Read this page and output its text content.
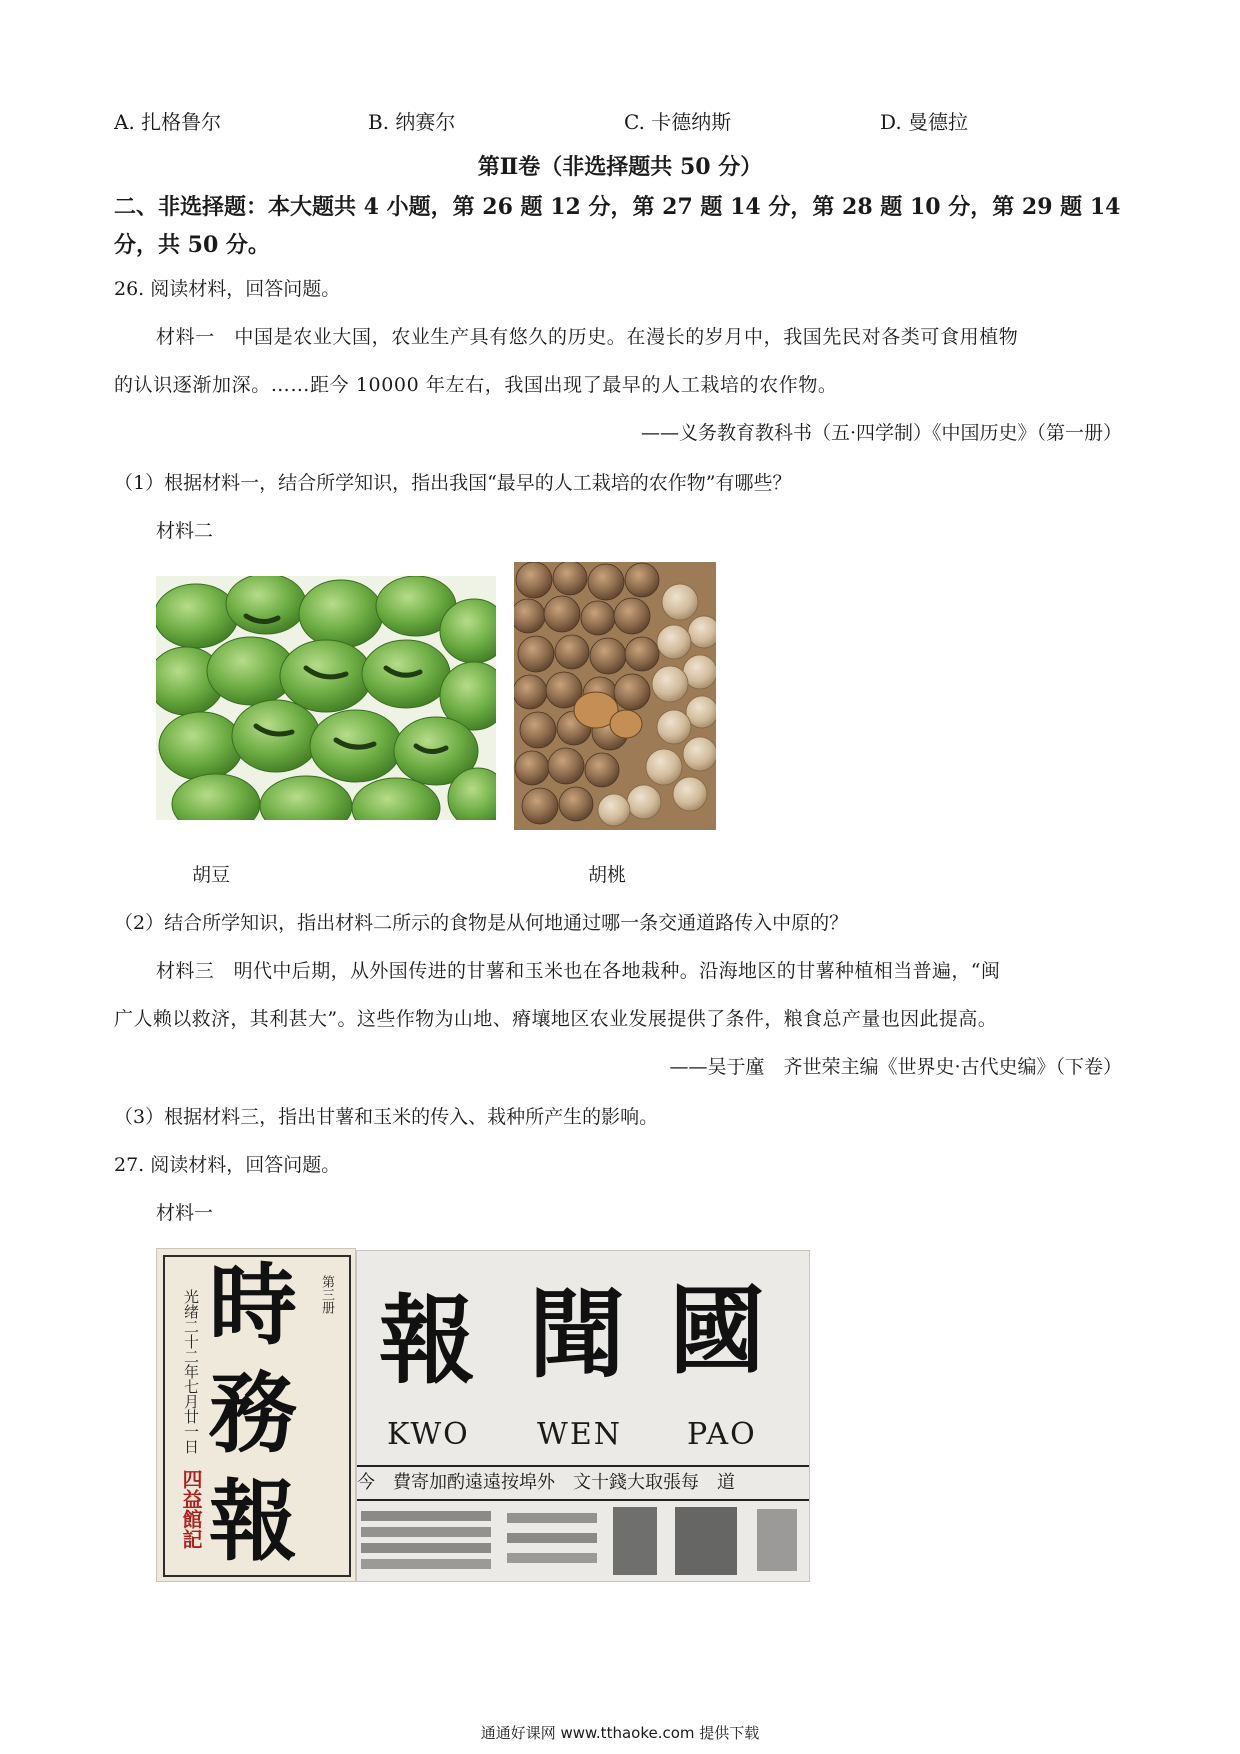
A. 扎格鲁尔	B. 纳赛尔	C. 卡德纳斯	D. 曼德拉
第Ⅱ卷（非选择题共 50 分）
二、非选择题：本大题共 4 小题，第 26 题 12 分，第 27 题 14 分，第 28 题 10 分，第 29 题 14
分，共 50 分。
26. 阅读材料，回答问题。
材料一　中国是农业大国，农业生产具有悠久的历史。在漫长的岁月中，我国先民对各类可食用植物
的认识逐渐加深。……距今 10000 年左右，我国出现了最早的人工栽培的农作物。
——义务教育教科书（五·四学制）《中国历史》（第一册）
（1）根据材料一，结合所学知识，指出我国“最早的人工栽培的农作物”有哪些？
材料二
胡豆	胡桃
（2）结合所学知识，指出材料二所示的食物是从何地通过哪一条交通道路传入中原的？
材料三　明代中后期，从外国传进的甘薯和玉米也在各地栽种。沿海地区的甘薯种植相当普遍，“闽
广人赖以救济，其利甚大”。这些作物为山地、瘠壤地区农业发展提供了条件，粮食总产量也因此提高。
——吴于廑　齐世荣主编《世界史·古代史编》（下卷）
（3）根据材料三，指出甘薯和玉米的传入、栽种所产生的影响。
27. 阅读材料，回答问题。
材料一
光绪二十二年七月廿一日	第三册
時
務
報
四益館記
報 聞 國
KWO WEN PAO
今　費寄加酌遠遠按埠外　文十錢大取張每　道
通通好课网 www.tthaoke.com 提供下载
